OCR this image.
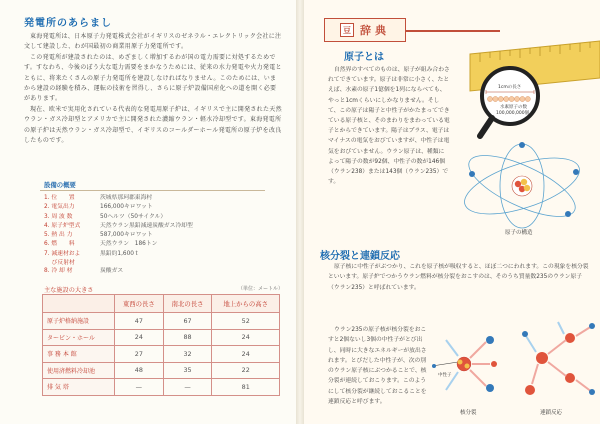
発電所のあらまし

東海発電所は、日本原子力発電株式会社がイギリスのゼネラル・エレクトリック会社に注文して建設した、わが国最初の商業用原子力発電所です。

この発電所が建設されたのは、めざましく増加するわが国の電力需要に対処するためです。すなわち、今後のぼう大な電力需要をまかなうためには、従来の水力発電や火力発電とともに、将来たくさんの原子力発電所を建設しなければなりません。このためには、いまから建設の経験を積み、運転の技術を習得し、さらに原子炉設備国産化への道を開く必要があります。

現在、欧米で実用化されている代表的な発電用原子炉は、イギリスで主に開発された天然ウラン・ガス冷却型とアメリカで主に開発された濃縮ウラン・軽水冷却型です。東海発電所の原子炉は天然ウラン・ガス冷却型で、イギリスのコールダーホール発電所の原子炉を改良したものです。

設備の概要
1. 位　　置	茨城県那珂郡東海村
2. 電気出力	166,000キロワット
3. 周 波 数	50ヘルツ（50サイクル）
4. 原子炉型式	天然ウラン黒鉛減速炭酸ガス冷却型
5. 熱 出 力	587,000キロワット
6. 燃　　料	天然ウラン　186トン
7. 減速材およ	黒鉛約1,600ｔ
　 び反射材
8. 冷 却 材	炭酸ガス
主な施設の大きさ	（単位：メートル）
	東西の長さ	南北の長さ	地上からの高さ
原子炉格納施設	47	67	52
タービン・ホール	24	88	24
事 務 本 館	27	32	24
使用済燃料冷却池	48	35	22
排 気 塔	—	—	81
豆 辞典
原子とは

自然界のすべてのものは、原子が組み合わされてできています。原子は非常に小さく、たとえば、水素の原子1億個を1列にならべても、やっと1cmくらいにしかなりません。そして、この原子は陽子と中性子がかたまってできている原子核と、そのまわりをまわっている電子とからできています。陽子はプラス、電子はマイナスの電気をおびていますが、中性子は電気をおびていません。ウラン原子は、種類によって陽子の数が92個、中性子の数が146個（ウラン238）または143個（ウラン235）です。

1cmの長さ
水素原子の数
100,000,000個
原子の構造
核分裂と連鎖反応

原子核に中性子がぶつかり、これを原子核が吸収すると、ほぼ二つにわれます。この現象を核分裂といいます。原子炉でつかうウラン燃料が核分裂をおこすのは、そのうち質量数235のウラン原子（ウラン235）と呼ばれています。

ウラン235の原子核が核分裂をおこすと2個ないし3個の中性子がとび出し、同時に大きなエネルギーが放出されます。とびだした中性子が、次の別のウラン原子核にぶつかることで、核分裂が連続しておこります。このようにして核分裂が継続しておこることを連鎖反応と呼びます。

中性子
核分裂	連鎖反応
